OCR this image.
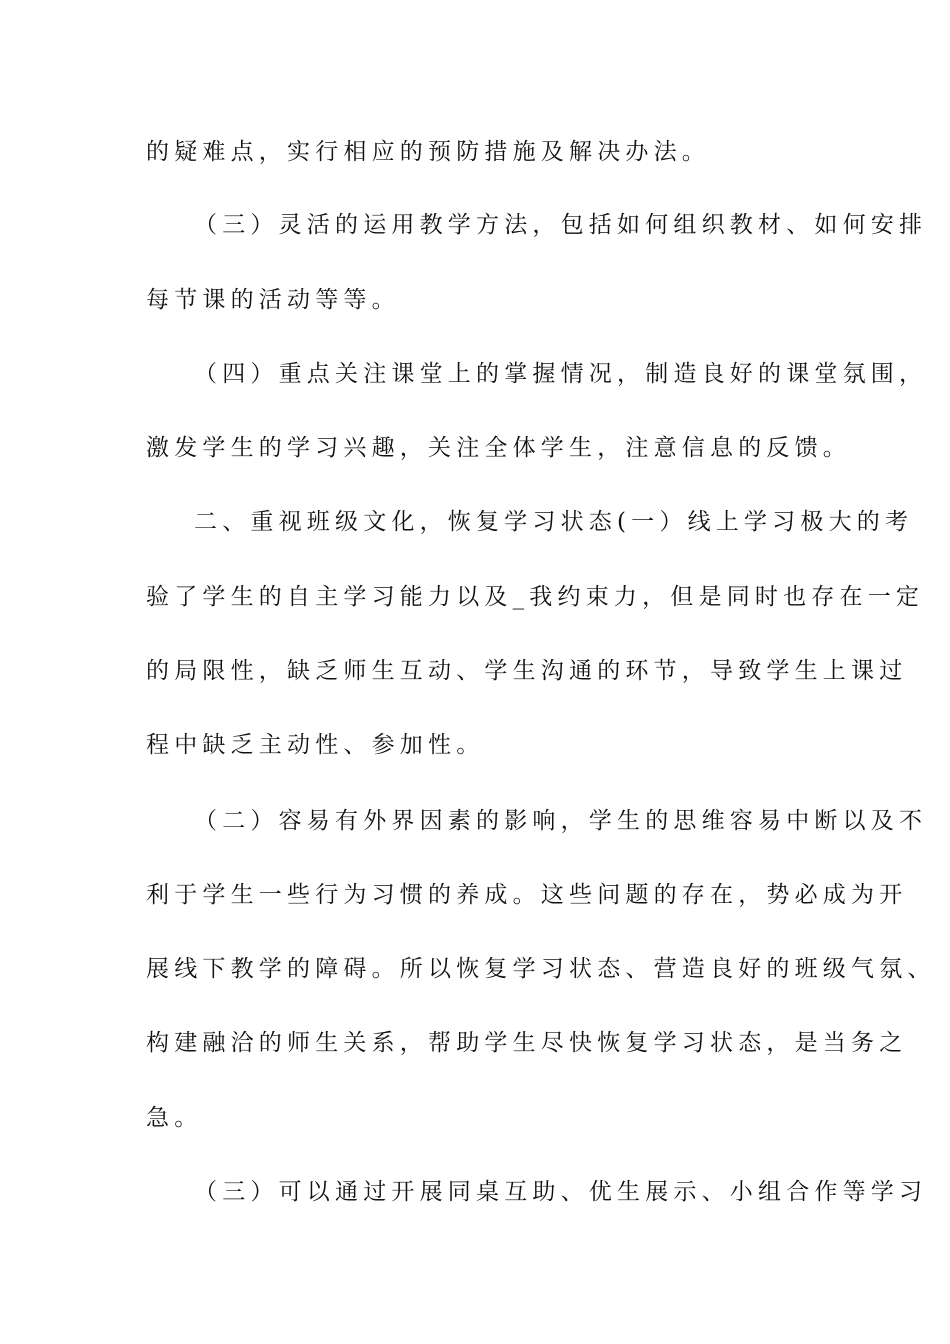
的疑难点，实行相应的预防措施及解决办法。

（三）灵活的运用教学方法，包括如何组织教材、如何安排

每节课的活动等等。

（四）重点关注课堂上的掌握情况，制造良好的课堂氛围，

激发学生的学习兴趣，关注全体学生，注意信息的反馈。

二、重视班级文化，恢复学习状态(一）线上学习极大的考

验了学生的自主学习能力以及_我约束力，但是同时也存在一定

的局限性，缺乏师生互动、学生沟通的环节，导致学生上课过

程中缺乏主动性、参加性。

（二）容易有外界因素的影响，学生的思维容易中断以及不

利于学生一些行为习惯的养成。这些问题的存在，势必成为开

展线下教学的障碍。所以恢复学习状态、营造良好的班级气氛、

构建融洽的师生关系，帮助学生尽快恢复学习状态，是当务之

急。

（三）可以通过开展同桌互助、优生展示、小组合作等学习
